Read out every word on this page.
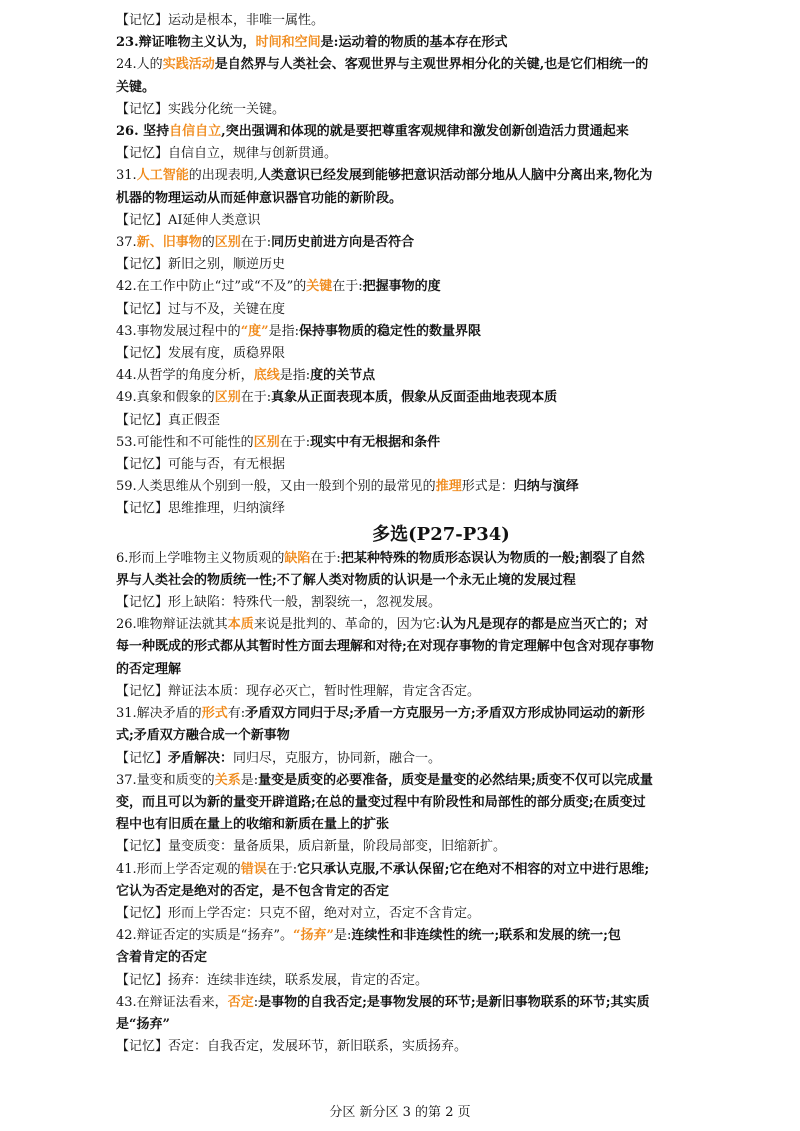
【记忆】运动是根本，非唯一属性。
23.辩证唯物主义认为，时间和空间是:运动着的物质的基本存在形式
24.人的实践活动是自然界与人类社会、客观世界与主观世界相分化的关键,也是它们相统一的
关键。
【记忆】实践分化统一关键。
26. 坚持自信自立,突出强调和体现的就是要把尊重客观规律和激发创新创造活力贯通起来
【记忆】自信自立，规律与创新贯通。
31.人工智能的出现表明,人类意识已经发展到能够把意识活动部分地从人脑中分离出来,物化为
机器的物理运动从而延伸意识器官功能的新阶段。
【记忆】AI延伸人类意识
37.新、旧事物的区别在于:同历史前进方向是否符合
【记忆】新旧之别，顺逆历史
42.在工作中防止“过”或“不及”的关键在于:把握事物的度
【记忆】过与不及，关键在度
43.事物发展过程中的“度”是指:保持事物质的稳定性的数量界限
【记忆】发展有度，质稳界限
44.从哲学的角度分析，底线是指:度的关节点
49.真象和假象的区别在于:真象从正面表现本质，假象从反面歪曲地表现本质
【记忆】真正假歪
53.可能性和不可能性的区别在于:现实中有无根据和条件
【记忆】可能与否，有无根据
59.人类思维从个别到一般，又由一般到个别的最常见的推理形式是：归纳与演绎
【记忆】思维推理，归纳演绎
多选(P27-P34)
6.形而上学唯物主义物质观的缺陷在于:把某种特殊的物质形态误认为物质的一般;割裂了自然
界与人类社会的物质统一性;不了解人类对物质的认识是一个永无止境的发展过程
【记忆】形上缺陷：特殊代一般，割裂统一，忽视发展。
26.唯物辩证法就其本质来说是批判的、革命的，因为它:认为凡是现存的都是应当灭亡的；对
每一种既成的形式都从其暂时性方面去理解和对待;在对现存事物的肯定理解中包含对现存事物
的否定理解
【记忆】辩证法本质：现存必灭亡，暂时性理解，肯定含否定。
31.解决矛盾的形式有:矛盾双方同归于尽;矛盾一方克服另一方;矛盾双方形成协同运动的新形
式;矛盾双方融合成一个新事物
【记忆】矛盾解决：同归尽，克服方，协同新，融合一。
37.量变和质变的关系是:量变是质变的必要准备，质变是量变的必然结果;质变不仅可以完成量
变，而且可以为新的量变开辟道路;在总的量变过程中有阶段性和局部性的部分质变;在质变过
程中也有旧质在量上的收缩和新质在量上的扩张
【记忆】量变质变：量备质果，质启新量，阶段局部变，旧缩新扩。
41.形而上学否定观的错误在于:它只承认克服,不承认保留;它在绝对不相容的对立中进行思维;
它认为否定是绝对的否定，是不包含肯定的否定
【记忆】形而上学否定：只克不留，绝对对立，否定不含肯定。
42.辩证否定的实质是“扬弃”。“扬弃”是:连续性和非连续性的统一;联系和发展的统一;包
含着肯定的否定
【记忆】扬弃：连续非连续，联系发展，肯定的否定。
43.在辩证法看来，否定:是事物的自我否定;是事物发展的环节;是新旧事物联系的环节;其实质
是“扬弃”
【记忆】否定：自我否定，发展环节，新旧联系，实质扬弃。
分区 新分区 3 的第 2 页
